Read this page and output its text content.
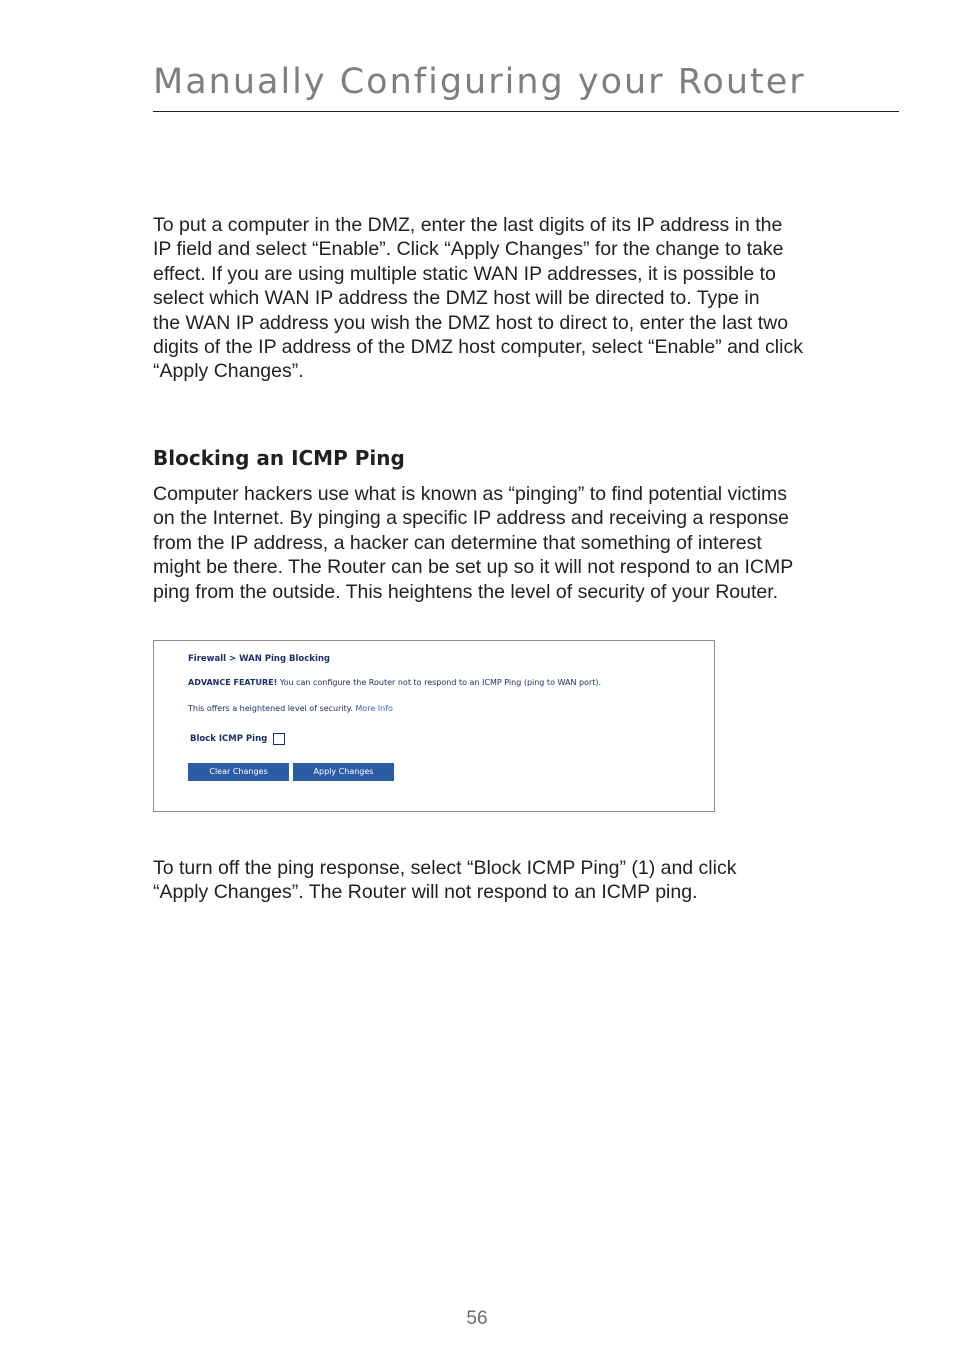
Manually Configuring your Router

To put a computer in the DMZ, enter the last digits of its IP address in the
IP field and select “Enable”. Click “Apply Changes” for the change to take
effect. If you are using multiple static WAN IP addresses, it is possible to
select which WAN IP address the DMZ host will be directed to. Type in
the WAN IP address you wish the DMZ host to direct to, enter the last two
digits of the IP address of the DMZ host computer, select “Enable” and click
“Apply Changes”.

Blocking an ICMP Ping

Computer hackers use what is known as “pinging” to find potential victims
on the Internet. By pinging a specific IP address and receiving a response
from the IP address, a hacker can determine that something of interest
might be there. The Router can be set up so it will not respond to an ICMP
ping from the outside. This heightens the level of security of your Router.

Firewall > WAN Ping Blocking
ADVANCE FEATURE! You can configure the Router not to respond to an ICMP Ping (ping to WAN port).
This offers a heightened level of security. More Info
Block ICMP Ping
Clear Changes	Apply Changes

To turn off the ping response, select “Block ICMP Ping” (1) and click
“Apply Changes”. The Router will not respond to an ICMP ping.

56
